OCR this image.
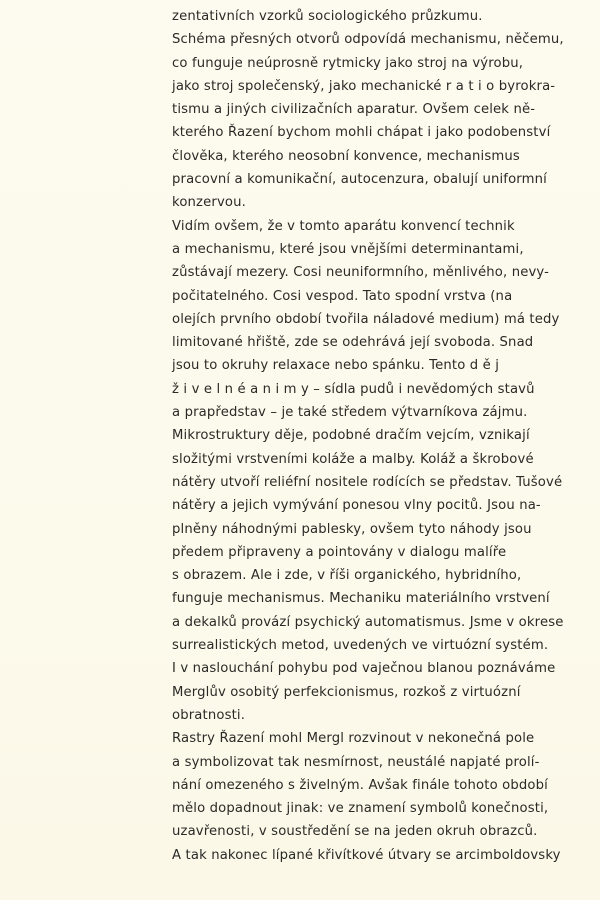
zentativních vzorků sociologického průzkumu.
Schéma přesných otvorů odpovídá mechanismu, něčemu,
co funguje neúprosně rytmicky jako stroj na výrobu,
jako stroj společenský, jako mechanické r a t i o byrokra-
tismu a jiných civilizačních aparatur. Ovšem celek ně-
kterého Řazení bychom mohli chápat i jako podobenství
člověka, kterého neosobní konvence, mechanismus
pracovní a komunikační, autocenzura, obalují uniformní
konzervou.
Vidím ovšem, že v tomto aparátu konvencí technik
a mechanismu, které jsou vnějšími determinantami,
zůstávají mezery. Cosi neuniformního, měnlivého, nevy-
počitatelného. Cosi vespod. Tato spodní vrstva (na
olejích prvního období tvořila náladové medium) má tedy
limitované hřiště, zde se odehrává její svoboda. Snad
jsou to okruhy relaxace nebo spánku. Tento d ě j
ž i v e l n é a n i m y – sídla pudů i nevědomých stavů
a prapředstav – je také středem výtvarníkova zájmu.
Mikrostruktury děje, podobné dračím vejcím, vznikají
složitými vrstveními koláže a malby. Koláž a škrobové
nátěry utvoří reliéfní nositele rodících se představ. Tušové
nátěry a jejich vymývání ponesou vlny pocitů. Jsou na-
plněny náhodnými pablesky, ovšem tyto náhody jsou
předem připraveny a pointovány v dialogu malíře
s obrazem. Ale i zde, v říši organického, hybridního,
funguje mechanismus. Mechaniku materiálního vrstvení
a dekalků provází psychický automatismus. Jsme v okrese
surrealistických metod, uvedených ve virtuózní systém.
I v naslouchání pohybu pod vaječnou blanou poznáváme
Merglův osobitý perfekcionismus, rozkoš z virtuózní
obratnosti.
Rastry Řazení mohl Mergl rozvinout v nekonečná pole
a symbolizovat tak nesmírnost, neustálé napjaté prolí-
nání omezeného s živelným. Avšak finále tohoto období
mělo dopadnout jinak: ve znamení symbolů konečnosti,
uzavřenosti, v soustředění se na jeden okruh obrazců.
A tak nakonec lípané křivítkové útvary se arcimboldovsky
